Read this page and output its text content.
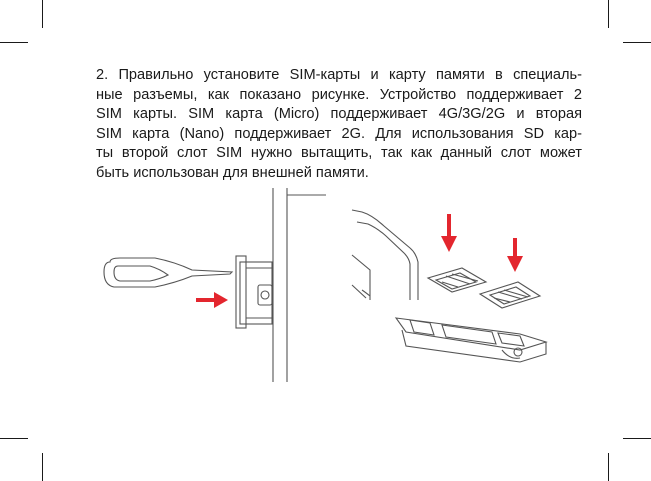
2. Правильно установите SIM-карты и карту памяти в специаль-
ные разъемы, как показано рисунке. Устройство поддерживает 2
SIM карты. SIM карта (Micro) поддерживает 4G/3G/2G и вторая
SIM карта (Nano) поддерживает 2G. Для использования SD кар-
ты второй слот SIM нужно вытащить, так как данный слот может
быть использован для внешней памяти.
